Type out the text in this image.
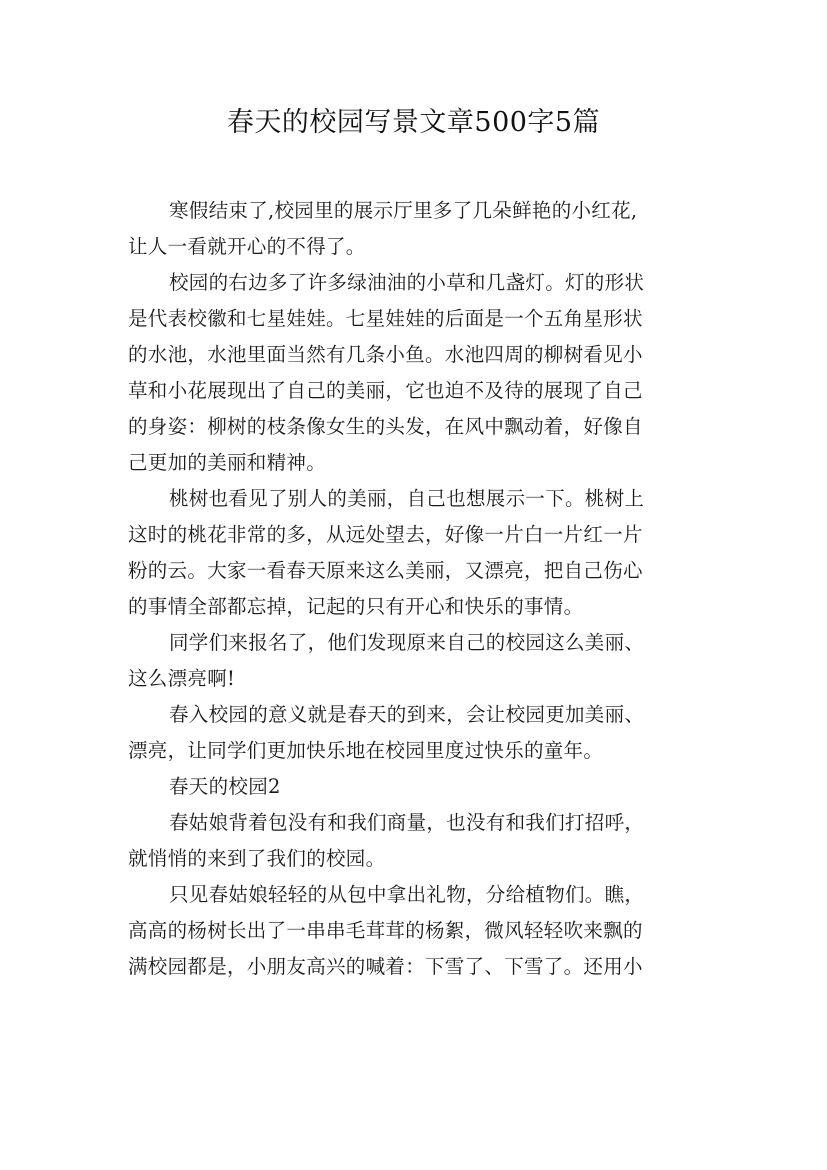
春天的校园写景文章500字5篇
寒假结束了,校园里的展示厅里多了几朵鲜艳的小红花,
让人一看就开心的不得了。
校园的右边多了许多绿油油的小草和几盏灯。灯的形状
是代表校徽和七星娃娃。七星娃娃的后面是一个五角星形状
的水池，水池里面当然有几条小鱼。水池四周的柳树看见小
草和小花展现出了自己的美丽，它也迫不及待的展现了自己
的身姿：柳树的枝条像女生的头发，在风中飘动着，好像自
己更加的美丽和精神。
桃树也看见了别人的美丽，自己也想展示一下。桃树上
这时的桃花非常的多，从远处望去，好像一片白一片红一片
粉的云。大家一看春天原来这么美丽，又漂亮，把自己伤心
的事情全部都忘掉，记起的只有开心和快乐的事情。
同学们来报名了，他们发现原来自己的校园这么美丽、
这么漂亮啊!
春入校园的意义就是春天的到来，会让校园更加美丽、
漂亮，让同学们更加快乐地在校园里度过快乐的童年。
春天的校园2
春姑娘背着包没有和我们商量，也没有和我们打招呼，
就悄悄的来到了我们的校园。
只见春姑娘轻轻的从包中拿出礼物，分给植物们。瞧，
高高的杨树长出了一串串毛茸茸的杨絮，微风轻轻吹来飘的
满校园都是，小朋友高兴的喊着：下雪了、下雪了。还用小
